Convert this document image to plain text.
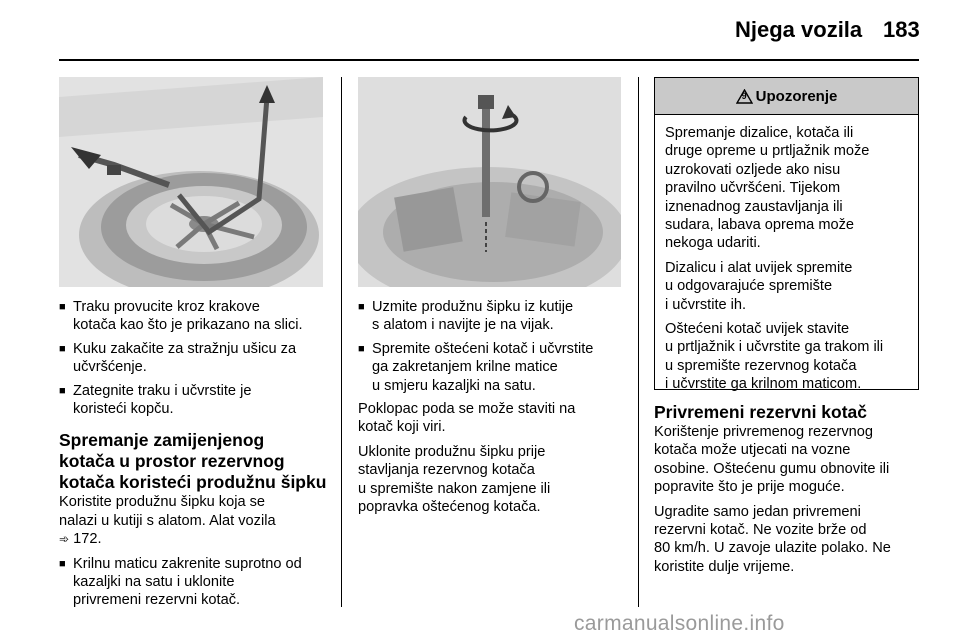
Njega vozila 183
■ Traku provucite kroz krakove
kotača kao što je prikazano na slici.
■ Kuku zakačite za stražnju ušicu za
učvršćenje.
■ Zategnite traku i učvrstite je
koristeći kopču.
Spremanje zamijenjenog
kotača u prostor rezervnog
kotača koristeći produžnu šipku

Koristite produžnu šipku koja se
nalazi u kutiji s alatom. Alat vozila
➾ 172.

■ Krilnu maticu zakrenite suprotno od
kazaljki na satu i uklonite
privremeni rezervni kotač.
■ Uzmite produžnu šipku iz kutije
s alatom i navijte je na vijak.
■ Spremite oštećeni kotač i učvrstite
ga zakretanjem krilne matice
u smjeru kazaljki na satu.

Poklopac poda se može staviti na
kotač koji viri.

Uklonite produžnu šipku prije
stavljanja rezervnog kotača
u spremište nakon zamjene ili
popravka oštećenog kotača.

9 Upozorenje

Spremanje dizalice, kotača ili
druge opreme u prtljažnik može
uzrokovati ozljede ako nisu
pravilno učvršćeni. Tijekom
iznenadnog zaustavljanja ili
sudara, labava oprema može
nekoga udariti.

Dizalicu i alat uvijek spremite
u odgovarajuće spremište
i učvrstite ih.

Oštećeni kotač uvijek stavite
u prtljažnik i učvrstite ga trakom ili
u spremište rezervnog kotača
i učvrstite ga krilnom maticom.

Privremeni rezervni kotač

Korištenje privremenog rezervnog
kotača može utjecati na vozne
osobine. Oštećenu gumu obnovite ili
popravite što je prije moguće.

Ugradite samo jedan privremeni
rezervni kotač. Ne vozite brže od
80 km/h. U zavoje ulazite polako. Ne
koristite dulje vrijeme.

carmanualsonline.info
